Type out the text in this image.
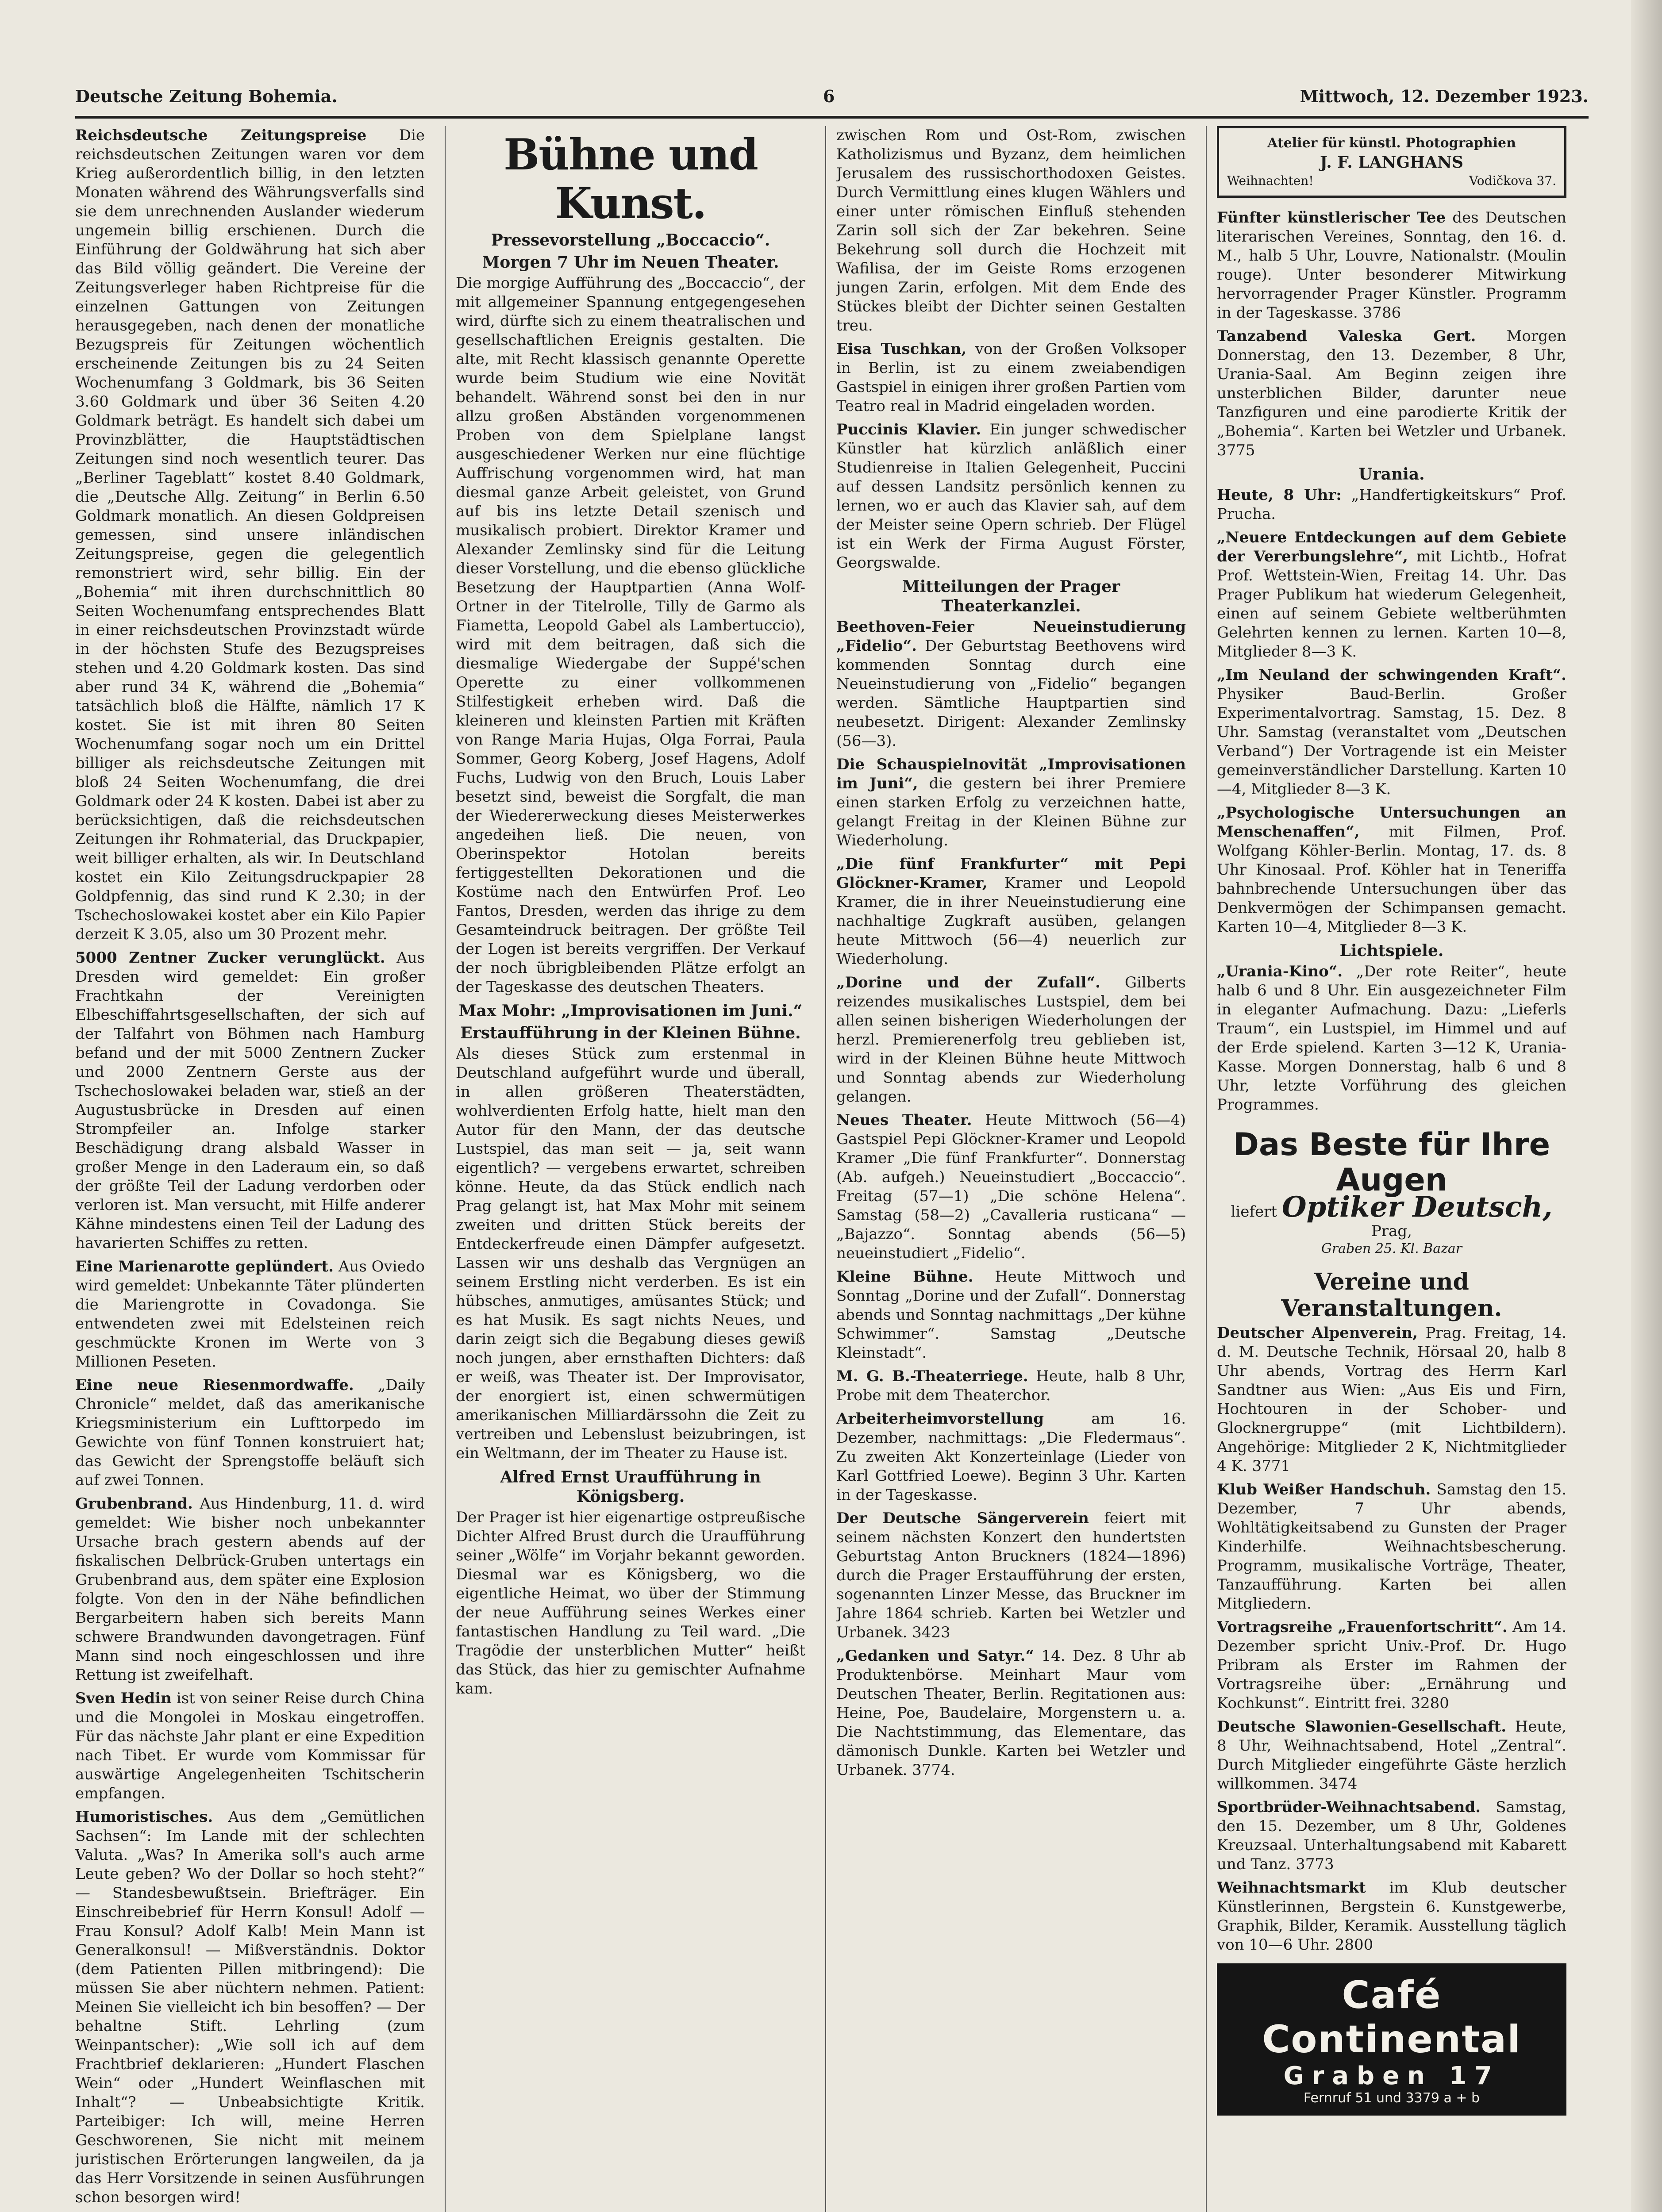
Deutsche Zeitung Bohemia.	6	Mittwoch, 12. Dezember 1923.

Reichsdeutsche Zeitungspreise Die reichsdeutschen Zeitungen waren vor dem Krieg außerordentlich billig, in den letzten Monaten während des Währungsverfalls sind sie dem unrechnenden Auslander wiederum ungemein billig erschienen. Durch die Einführung der Goldwährung hat sich aber das Bild völlig geändert. Die Vereine der Zeitungsverleger haben Richtpreise für die einzelnen Gattungen von Zeitungen herausgegeben, nach denen der monatliche Bezugspreis für Zeitungen wöchentlich erscheinende Zeitungen bis zu 24 Seiten Wochenumfang 3 Goldmark, bis 36 Seiten 3.60 Goldmark und über 36 Seiten 4.20 Goldmark beträgt. Es handelt sich dabei um Provinzblätter, die Hauptstädtischen Zeitungen sind noch wesentlich teurer. Das „Berliner Tageblatt“ kostet 8.40 Goldmark, die „Deutsche Allg. Zeitung“ in Berlin 6.50 Goldmark monatlich. An diesen Goldpreisen gemessen, sind unsere inländischen Zeitungspreise, gegen die gelegentlich remonstriert wird, sehr billig. Ein der „Bohemia“ mit ihren durchschnittlich 80 Seiten Wochenumfang entsprechendes Blatt in einer reichsdeutschen Provinzstadt würde in der höchsten Stufe des Bezugspreises stehen und 4.20 Goldmark kosten. Das sind aber rund 34 K, während die „Bohemia“ tatsächlich bloß die Hälfte, nämlich 17 K kostet. Sie ist mit ihren 80 Seiten Wochenumfang sogar noch um ein Drittel billiger als reichsdeutsche Zeitungen mit bloß 24 Seiten Wochenumfang, die drei Goldmark oder 24 K kosten. Dabei ist aber zu berücksichtigen, daß die reichsdeutschen Zeitungen ihr Rohmaterial, das Druckpapier, weit billiger erhalten, als wir. In Deutschland kostet ein Kilo Zeitungsdruckpapier 28 Goldpfennig, das sind rund K 2.30; in der Tschechoslowakei kostet aber ein Kilo Papier derzeit K 3.05, also um 30 Prozent mehr.

5000 Zentner Zucker verunglückt. Aus Dresden wird gemeldet: Ein großer Frachtkahn der Vereinigten Elbeschiffahrtsgesellschaften, der sich auf der Talfahrt von Böhmen nach Hamburg befand und der mit 5000 Zentnern Zucker und 2000 Zentnern Gerste aus der Tschechoslowakei beladen war, stieß an der Augustusbrücke in Dresden auf einen Strompfeiler an. Infolge starker Beschädigung drang alsbald Wasser in großer Menge in den Laderaum ein, so daß der größte Teil der Ladung verdorben oder verloren ist. Man versucht, mit Hilfe anderer Kähne mindestens einen Teil der Ladung des havarierten Schiffes zu retten.

Eine Marienarotte geplündert. Aus Oviedo wird gemeldet: Unbekannte Täter plünderten die Mariengrotte in Covadonga. Sie entwendeten zwei mit Edelsteinen reich geschmückte Kronen im Werte von 3 Millionen Peseten.

Eine neue Riesenmordwaffe. „Daily Chronicle“ meldet, daß das amerikanische Kriegsministerium ein Lufttorpedo im Gewichte von fünf Tonnen konstruiert hat; das Gewicht der Sprengstoffe beläuft sich auf zwei Tonnen.

Grubenbrand. Aus Hindenburg, 11. d. wird gemeldet: Wie bisher noch unbekannter Ursache brach gestern abends auf der fiskalischen Delbrück-Gruben untertags ein Grubenbrand aus, dem später eine Explosion folgte. Von den in der Nähe befindlichen Bergarbeitern haben sich bereits Mann schwere Brandwunden davongetragen. Fünf Mann sind noch eingeschlossen und ihre Rettung ist zweifelhaft.

Sven Hedin ist von seiner Reise durch China und die Mongolei in Moskau eingetroffen. Für das nächste Jahr plant er eine Expedition nach Tibet. Er wurde vom Kommissar für auswärtige Angelegenheiten Tschitscherin empfangen.

Humoristisches. Aus dem „Gemütlichen Sachsen“: Im Lande mit der schlechten Valuta. „Was? In Amerika soll's auch arme Leute geben? Wo der Dollar so hoch steht?“ — Standesbewußtsein. Briefträger. Ein Einschreibebrief für Herrn Konsul! Adolf — Frau Konsul? Adolf Kalb! Mein Mann ist Generalkonsul! — Mißverständnis. Doktor (dem Patienten Pillen mitbringend): Die müssen Sie aber nüchtern nehmen. Patient: Meinen Sie vielleicht ich bin besoffen? — Der behaltne Stift. Lehrling (zum Weinpantscher): „Wie soll ich auf dem Frachtbrief deklarieren: „Hundert Flaschen Wein“ oder „Hundert Weinflaschen mit Inhalt“? — Unbeabsichtigte Kritik. Parteibiger: Ich will, meine Herren Geschworenen, Sie nicht mit meinem juristischen Erörterungen langweilen, da ja das Herr Vorsitzende in seinen Ausführungen schon besorgen wird!

Bühne und Kunst.
Pressevorstellung „Boccaccio“.
Morgen 7 Uhr im Neuen Theater.

Die morgige Aufführung des „Boccaccio“, der mit allgemeiner Spannung entgegengesehen wird, dürfte sich zu einem theatralischen und gesellschaftlichen Ereignis gestalten. Die alte, mit Recht klassisch genannte Operette wurde beim Studium wie eine Novität behandelt. Während sonst bei den in nur allzu großen Abständen vorgenommenen Proben von dem Spielplane langst ausgeschiedener Werken nur eine flüchtige Auffrischung vorgenommen wird, hat man diesmal ganze Arbeit geleistet, von Grund auf bis ins letzte Detail szenisch und musikalisch probiert. Direktor Kramer und Alexander Zemlinsky sind für die Leitung dieser Vorstellung, und die ebenso glückliche Besetzung der Hauptpartien (Anna Wolf-Ortner in der Titelrolle, Tilly de Garmo als Fiametta, Leopold Gabel als Lambertuccio), wird mit dem beitragen, daß sich die diesmalige Wiedergabe der Suppé'schen Operette zu einer vollkommenen Stilfestigkeit erheben wird. Daß die kleineren und kleinsten Partien mit Kräften von Range Maria Hujas, Olga Forrai, Paula Sommer, Georg Koberg, Josef Hagens, Adolf Fuchs, Ludwig von den Bruch, Louis Laber besetzt sind, beweist die Sorgfalt, die man der Wiedererweckung dieses Meisterwerkes angedeihen ließ. Die neuen, von Oberinspektor Hotolan bereits fertiggestellten Dekorationen und die Kostüme nach den Entwürfen Prof. Leo Fantos, Dresden, werden das ihrige zu dem Gesamteindruck beitragen. Der größte Teil der Logen ist bereits vergriffen. Der Verkauf der noch übrigbleibenden Plätze erfolgt an der Tageskasse des deutschen Theaters.

Max Mohr: „Improvisationen im Juni.“
Erstaufführung in der Kleinen Bühne.

Als dieses Stück zum erstenmal in Deutschland aufgeführt wurde und überall, in allen größeren Theaterstädten, wohlverdienten Erfolg hatte, hielt man den Autor für den Mann, der das deutsche Lustspiel, das man seit — ja, seit wann eigentlich? — vergebens erwartet, schreiben könne. Heute, da das Stück endlich nach Prag gelangt ist, hat Max Mohr mit seinem zweiten und dritten Stück bereits der Entdeckerfreude einen Dämpfer aufgesetzt. Lassen wir uns deshalb das Vergnügen an seinem Erstling nicht verderben. Es ist ein hübsches, anmutiges, amüsantes Stück; und es hat Musik. Es sagt nichts Neues, und darin zeigt sich die Begabung dieses gewiß noch jungen, aber ernsthaften Dichters: daß er weiß, was Theater ist. Der Improvisator, der enorgiert ist, einen schwermütigen amerikanischen Milliardärssohn die Zeit zu vertreiben und Lebenslust beizubringen, ist ein Weltmann, der im Theater zu Hause ist.

Alfred Ernst Uraufführung in Königsberg.

Der Prager ist hier eigenartige ostpreußische Dichter Alfred Brust durch die Uraufführung seiner „Wölfe“ im Vorjahr bekannt geworden. Diesmal war es Königsberg, wo die eigentliche Heimat, wo über der Stimmung der neue Aufführung seines Werkes einer fantastischen Handlung zu Teil ward. „Die Tragödie der unsterblichen Mutter“ heißt das Stück, das hier zu gemischter Aufnahme kam.

zwischen Rom und Ost-Rom, zwischen Katholizismus und Byzanz, dem heimlichen Jerusalem des russischorthodoxen Geistes. Durch Vermittlung eines klugen Wählers und einer unter römischen Einfluß stehenden Zarin soll sich der Zar bekehren. Seine Bekehrung soll durch die Hochzeit mit Wafilisa, der im Geiste Roms erzogenen jungen Zarin, erfolgen. Mit dem Ende des Stückes bleibt der Dichter seinen Gestalten treu.

Eisa Tuschkan, von der Großen Volksoper in Berlin, ist zu einem zweiabendigen Gastspiel in einigen ihrer großen Partien vom Teatro real in Madrid eingeladen worden.

Puccinis Klavier. Ein junger schwedischer Künstler hat kürzlich anläßlich einer Studienreise in Italien Gelegenheit, Puccini auf dessen Landsitz persönlich kennen zu lernen, wo er auch das Klavier sah, auf dem der Meister seine Opern schrieb. Der Flügel ist ein Werk der Firma August Förster, Georgswalde.

Mitteilungen der Prager Theaterkanzlei.

Beethoven-Feier Neueinstudierung „Fidelio“. Der Geburtstag Beethovens wird kommenden Sonntag durch eine Neueinstudierung von „Fidelio“ begangen werden. Sämtliche Hauptpartien sind neubesetzt. Dirigent: Alexander Zemlinsky (56—3).

Die Schauspielnovität „Improvisationen im Juni“, die gestern bei ihrer Premiere einen starken Erfolg zu verzeichnen hatte, gelangt Freitag in der Kleinen Bühne zur Wiederholung.

„Die fünf Frankfurter“ mit Pepi Glöckner-Kramer, Kramer und Leopold Kramer, die in ihrer Neueinstudierung eine nachhaltige Zugkraft ausüben, gelangen heute Mittwoch (56—4) neuerlich zur Wiederholung.

„Dorine und der Zufall“. Gilberts reizendes musikalisches Lustspiel, dem bei allen seinen bisherigen Wiederholungen der herzl. Premierenerfolg treu geblieben ist, wird in der Kleinen Bühne heute Mittwoch und Sonntag abends zur Wiederholung gelangen.

Neues Theater. Heute Mittwoch (56—4) Gastspiel Pepi Glöckner-Kramer und Leopold Kramer „Die fünf Frankfurter“. Donnerstag (Ab. aufgeh.) Neueinstudiert „Boccaccio“. Freitag (57—1) „Die schöne Helena“. Samstag (58—2) „Cavalleria rusticana“ — „Bajazzo“. Sonntag abends (56—5) neueinstudiert „Fidelio“.

Kleine Bühne. Heute Mittwoch und Sonntag „Dorine und der Zufall“. Donnerstag abends und Sonntag nachmittags „Der kühne Schwimmer“. Samstag „Deutsche Kleinstadt“.

M. G. B.-Theaterriege. Heute, halb 8 Uhr, Probe mit dem Theaterchor.

Arbeiterheimvorstellung	am 16. Dezember, nachmittags: „Die Fledermaus“. Zu zweiten Akt Konzerteinlage (Lieder von Karl Gottfried Loewe). Beginn 3 Uhr. Karten in der Tageskasse.

Der Deutsche Sängerverein feiert mit seinem nächsten Konzert den hundertsten Geburtstag Anton Bruckners (1824—1896) durch die Prager Erstaufführung der ersten, sogenannten Linzer Messe, das Bruckner im Jahre 1864 schrieb. Karten bei Wetzler und Urbanek. 3423

„Gedanken und Satyr.“ 14. Dez. 8 Uhr ab Produktenbörse. Meinhart Maur vom Deutschen Theater, Berlin. Regitationen aus: Heine, Poe, Baudelaire, Morgenstern u. a. Die Nachtstimmung, das Elementare, das dämonisch Dunkle. Karten bei Wetzler und Urbanek. 3774.

Atelier für künstl. Photographien
J. F. LANGHANS
Weihnachten!	Vodičkova 37.

Fünfter künstlerischer Tee des Deutschen literarischen Vereines, Sonntag, den 16. d. M., halb 5 Uhr, Louvre, Nationalstr. (Moulin rouge). Unter besonderer Mitwirkung hervorragender Prager Künstler. Programm in der Tageskasse. 3786

Tanzabend Valeska Gert. Morgen Donnerstag, den 13. Dezember, 8 Uhr, Urania-Saal. Am Beginn zeigen ihre unsterblichen Bilder, darunter neue Tanzfiguren und eine parodierte Kritik der „Bohemia“. Karten bei Wetzler und Urbanek. 3775

Urania.

Heute, 8 Uhr: „Handfertigkeitskurs“ Prof. Prucha.

„Neuere Entdeckungen auf dem Gebiete der Vererbungslehre“, mit Lichtb., Hofrat Prof. Wettstein-Wien, Freitag 14. Uhr. Das Prager Publikum hat wiederum Gelegenheit, einen auf seinem Gebiete weltberühmten Gelehrten kennen zu lernen. Karten 10—8, Mitglieder 8—3 K.

„Im Neuland der schwingenden Kraft“. Physiker Baud-Berlin. Großer Experimentalvortrag. Samstag, 15. Dez. 8 Uhr. Samstag (veranstaltet vom „Deutschen Verband“) Der Vortragende ist ein Meister gemeinverständlicher Darstellung. Karten 10—4, Mitglieder 8—3 K.

„Psychologische Untersuchungen an Menschenaffen“, mit Filmen, Prof. Wolfgang Köhler-Berlin. Montag, 17. ds. 8 Uhr Kinosaal. Prof. Köhler hat in Teneriffa bahnbrechende Untersuchungen über das Denkvermögen der Schimpansen gemacht. Karten 10—4, Mitglieder 8—3 K.

Lichtspiele.

„Urania-Kino“. „Der rote Reiter“, heute halb 6 und 8 Uhr. Ein ausgezeichneter Film in eleganter Aufmachung. Dazu: „Lieferls Traum“, ein Lustspiel, im Himmel und auf der Erde spielend. Karten 3—12 K, Urania-Kasse. Morgen Donnerstag, halb 6 und 8 Uhr, letzte Vorführung des gleichen Programmes.

Das Beste für Ihre Augen
liefert Optiker Deutsch, Prag,
Graben 25. Kl. Bazar
Vereine und Veranstaltungen.

Deutscher Alpenverein, Prag. Freitag, 14. d. M. Deutsche Technik, Hörsaal 20, halb 8 Uhr abends, Vortrag des Herrn Karl Sandtner aus Wien: „Aus Eis und Firn, Hochtouren in der Schober- und Glocknergruppe“ (mit Lichtbildern). Angehörige: Mitglieder 2 K, Nichtmitglieder 4 K. 3771

Klub Weißer Handschuh. Samstag den 15. Dezember, 7 Uhr abends, Wohltätigkeitsabend zu Gunsten der Prager Kinderhilfe. Weihnachtsbescherung. Programm, musikalische Vorträge, Theater, Tanzaufführung. Karten bei allen Mitgliedern.

Vortragsreihe „Frauenfortschritt“. Am 14. Dezember spricht Univ.-Prof. Dr. Hugo Pribram als Erster im Rahmen der Vortragsreihe über: „Ernährung und Kochkunst“. Eintritt frei. 3280

Deutsche Slawonien-Gesellschaft. Heute, 8 Uhr, Weihnachtsabend, Hotel „Zentral“. Durch Mitglieder eingeführte Gäste herzlich willkommen. 3474

Sportbrüder-Weihnachtsabend. Samstag, den 15. Dezember, um 8 Uhr, Goldenes Kreuzsaal. Unterhaltungsabend mit Kabarett und Tanz. 3773

Weihnachtsmarkt im Klub deutscher Künstlerinnen, Bergstein 6. Kunstgewerbe, Graphik, Bilder, Keramik. Ausstellung täglich von 10—6 Uhr. 2800

Café Continental
Graben 17
Fernruf 51 und 3379 a + b
